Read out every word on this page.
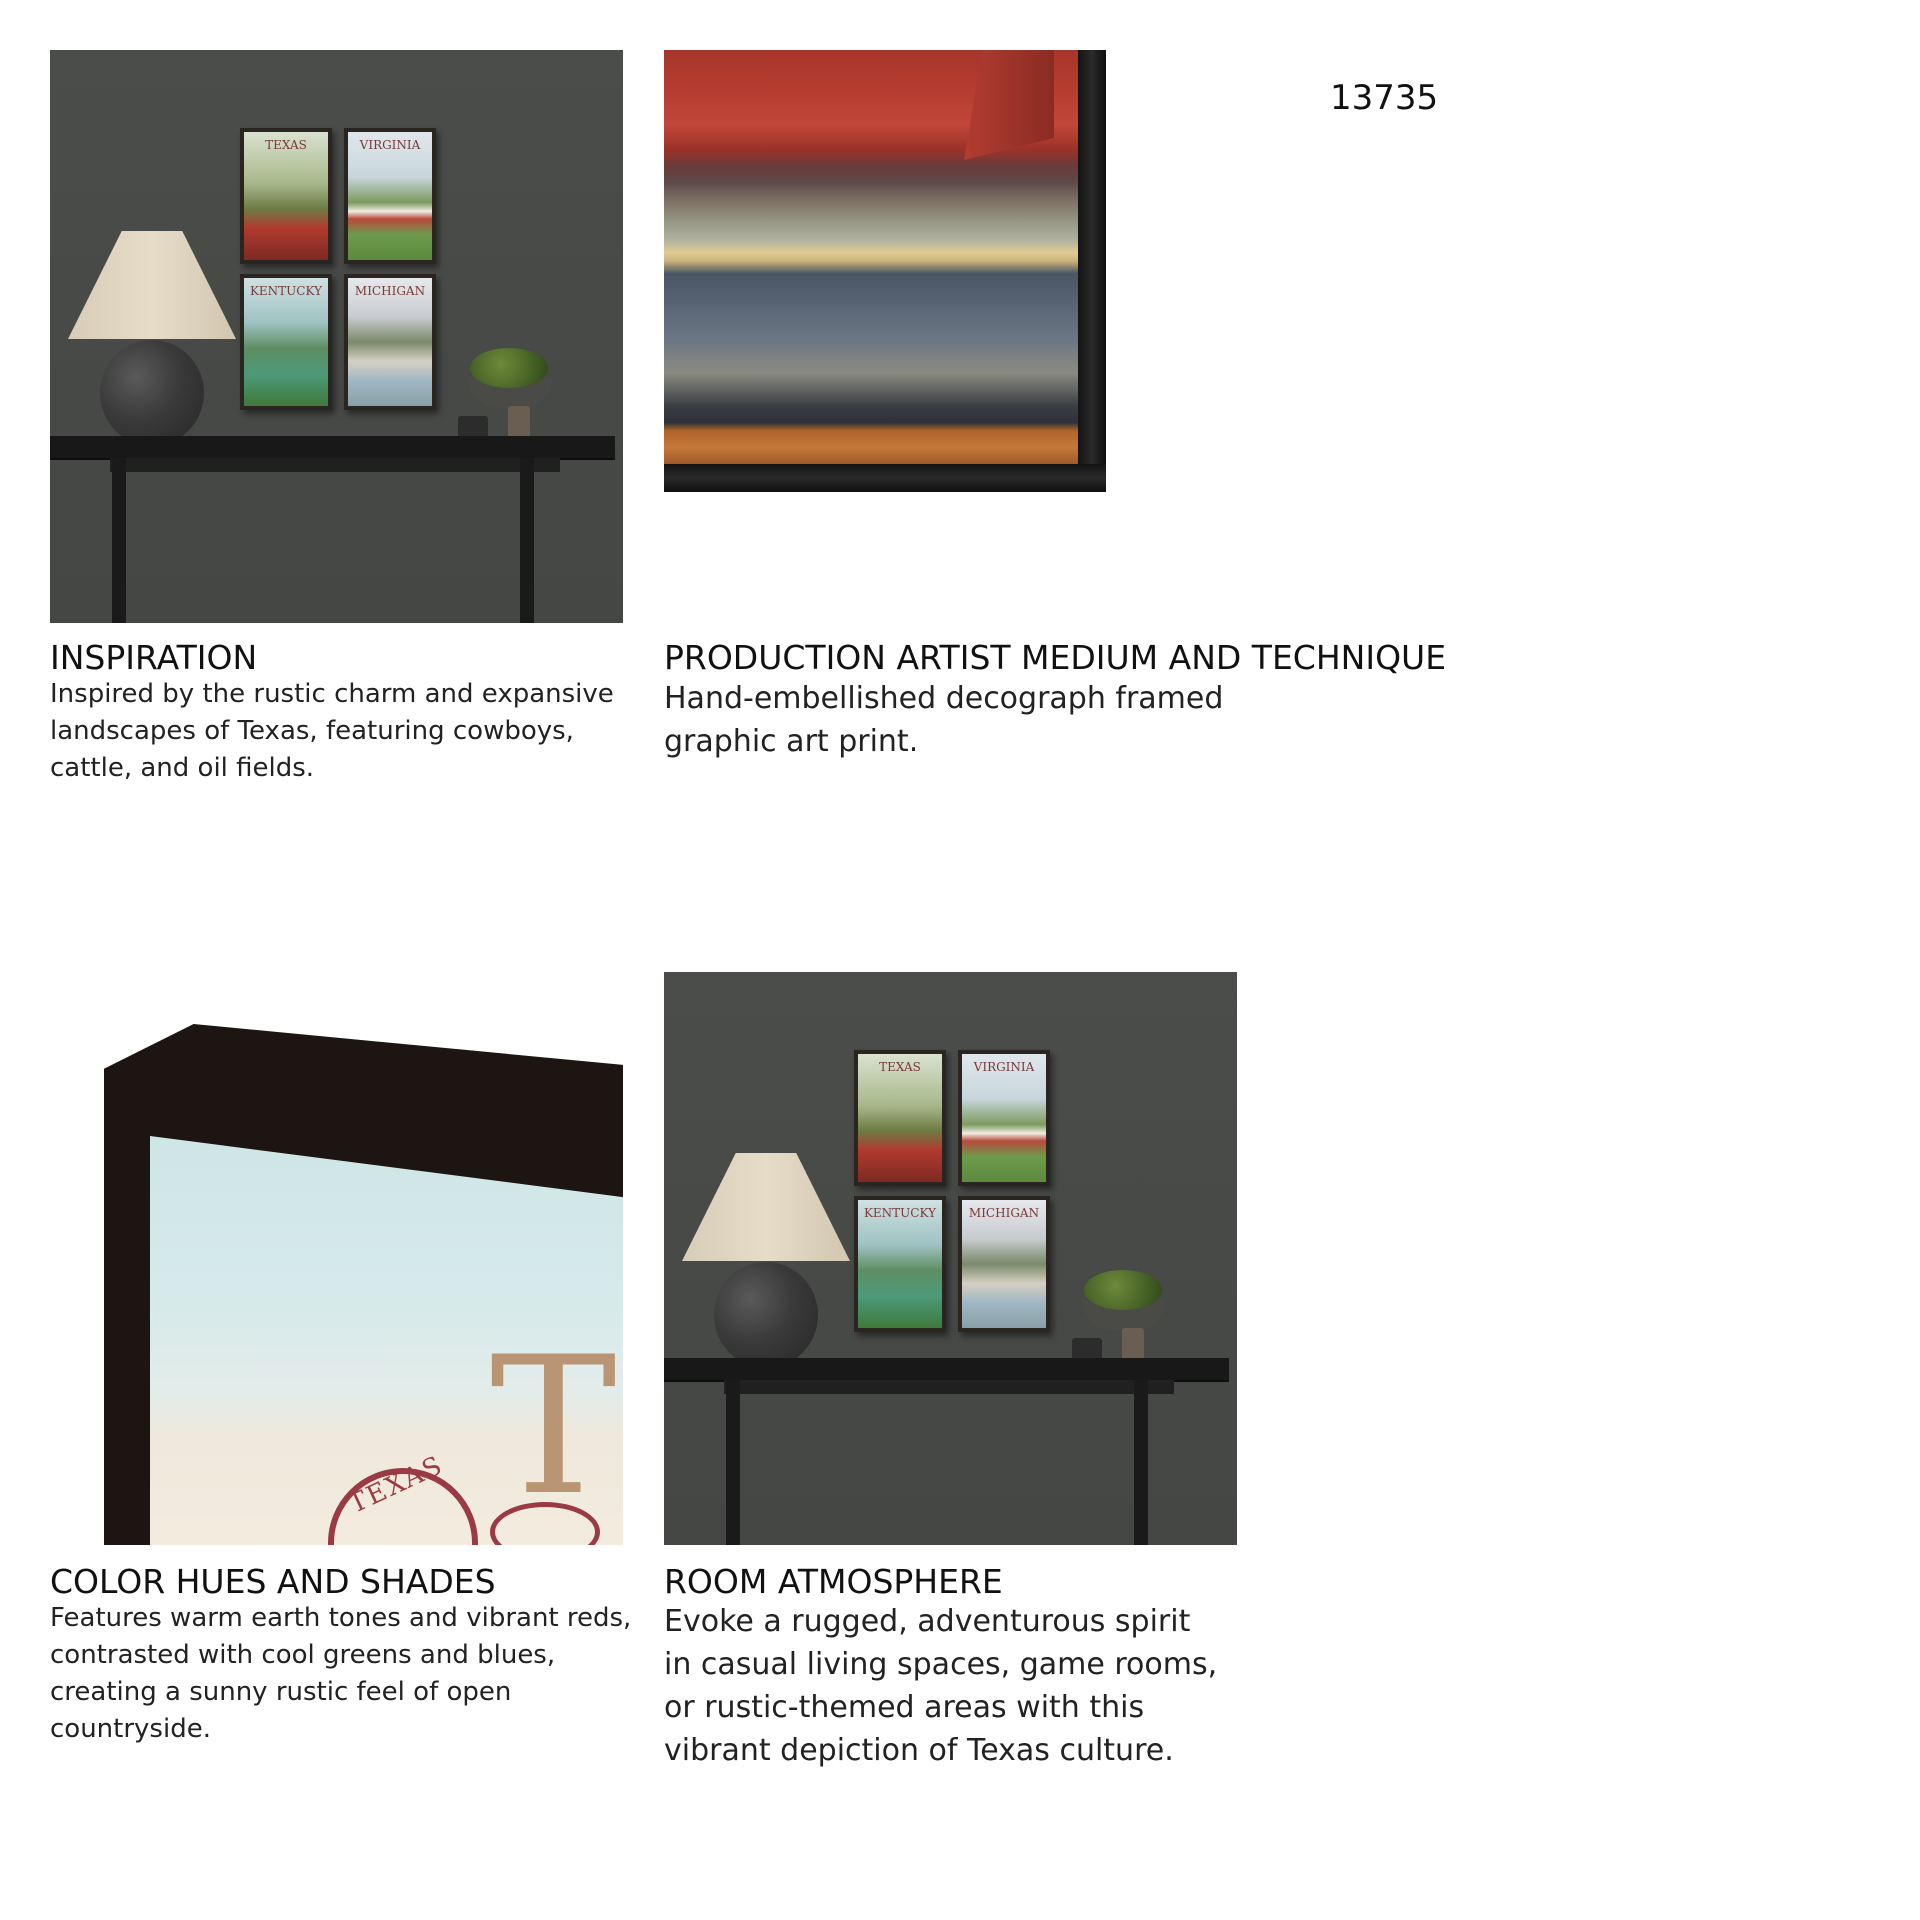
13735
TEXAS	VIRGINIA
KENTUCKY	MICHIGAN
INSPIRATION

Inspired by the rustic charm and expansive landscapes of Texas, featuring cowboys, cattle, and oil fields.

PRODUCTION ARTIST MEDIUM AND TECHNIQUE

Hand-embellished decograph framed graphic art print.

T
TEXAS
COLOR HUES AND SHADES

Features warm earth tones and vibrant reds, contrasted with cool greens and blues, creating a sunny rustic feel of open countryside.

TEXAS	VIRGINIA
KENTUCKY	MICHIGAN
ROOM ATMOSPHERE

Evoke a rugged, adventurous spirit in casual living spaces, game rooms, or rustic-themed areas with this vibrant depiction of Texas culture.
